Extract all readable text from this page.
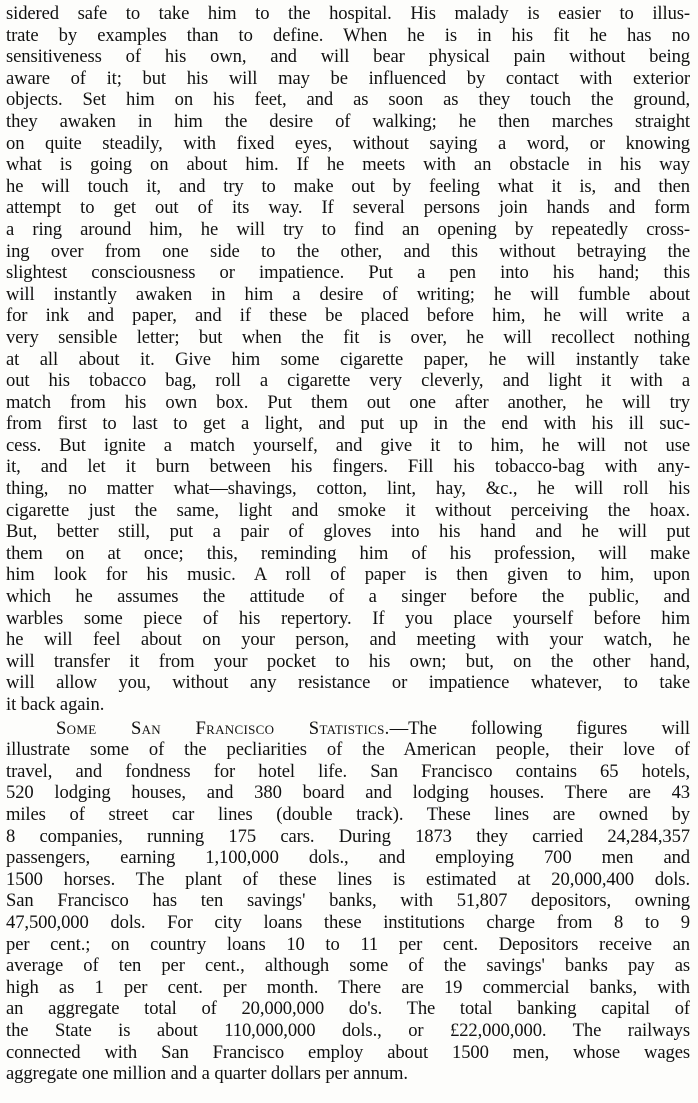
sidered safe to take him to the hospital. His malady is easier to illus-
trate by examples than to define. When he is in his fit he has no
sensitiveness of his own, and will bear physical pain without being
aware of it; but his will may be influenced by contact with exterior
objects. Set him on his feet, and as soon as they touch the ground,
they awaken in him the desire of walking; he then marches straight
on quite steadily, with fixed eyes, without saying a word, or knowing
what is going on about him. If he meets with an obstacle in his way
he will touch it, and try to make out by feeling what it is, and then
attempt to get out of its way. If several persons join hands and form
a ring around him, he will try to find an opening by repeatedly cross-
ing over from one side to the other, and this without betraying the
slightest consciousness or impatience. Put a pen into his hand; this
will instantly awaken in him a desire of writing; he will fumble about
for ink and paper, and if these be placed before him, he will write a
very sensible letter; but when the fit is over, he will recollect nothing
at all about it. Give him some cigarette paper, he will instantly take
out his tobacco bag, roll a cigarette very cleverly, and light it with a
match from his own box. Put them out one after another, he will try
from first to last to get a light, and put up in the end with his ill suc-
cess. But ignite a match yourself, and give it to him, he will not use
it, and let it burn between his fingers. Fill his tobacco-bag with any-
thing, no matter what—shavings, cotton, lint, hay, &c., he will roll his
cigarette just the same, light and smoke it without perceiving the hoax.
But, better still, put a pair of gloves into his hand and he will put
them on at once; this, reminding him of his profession, will make
him look for his music. A roll of paper is then given to him, upon
which he assumes the attitude of a singer before the public, and
warbles some piece of his repertory. If you place yourself before him
he will feel about on your person, and meeting with your watch, he
will transfer it from your pocket to his own; but, on the other hand,
will allow you, without any resistance or impatience whatever, to take
it back again.
Some San Francisco Statistics.—The following figures will
illustrate some of the pecliarities of the American people, their love of
travel, and fondness for hotel life. San Francisco contains 65 hotels,
520 lodging houses, and 380 board and lodging houses. There are 43
miles of street car lines (double track). These lines are owned by
8 companies, running 175 cars. During 1873 they carried 24,284,357
passengers, earning 1,100,000 dols., and employing 700 men and
1500 horses. The plant of these lines is estimated at 20,000,400 dols.
San Francisco has ten savings' banks, with 51,807 depositors, owning
47,500,000 dols. For city loans these institutions charge from 8 to 9
per cent.; on country loans 10 to 11 per cent. Depositors receive an
average of ten per cent., although some of the savings' banks pay as
high as 1 per cent. per month. There are 19 commercial banks, with
an aggregate total of 20,000,000 do's. The total banking capital of
the State is about 110,000,000 dols., or £22,000,000. The railways
connected with San Francisco employ about 1500 men, whose wages
aggregate one million and a quarter dollars per annum.
